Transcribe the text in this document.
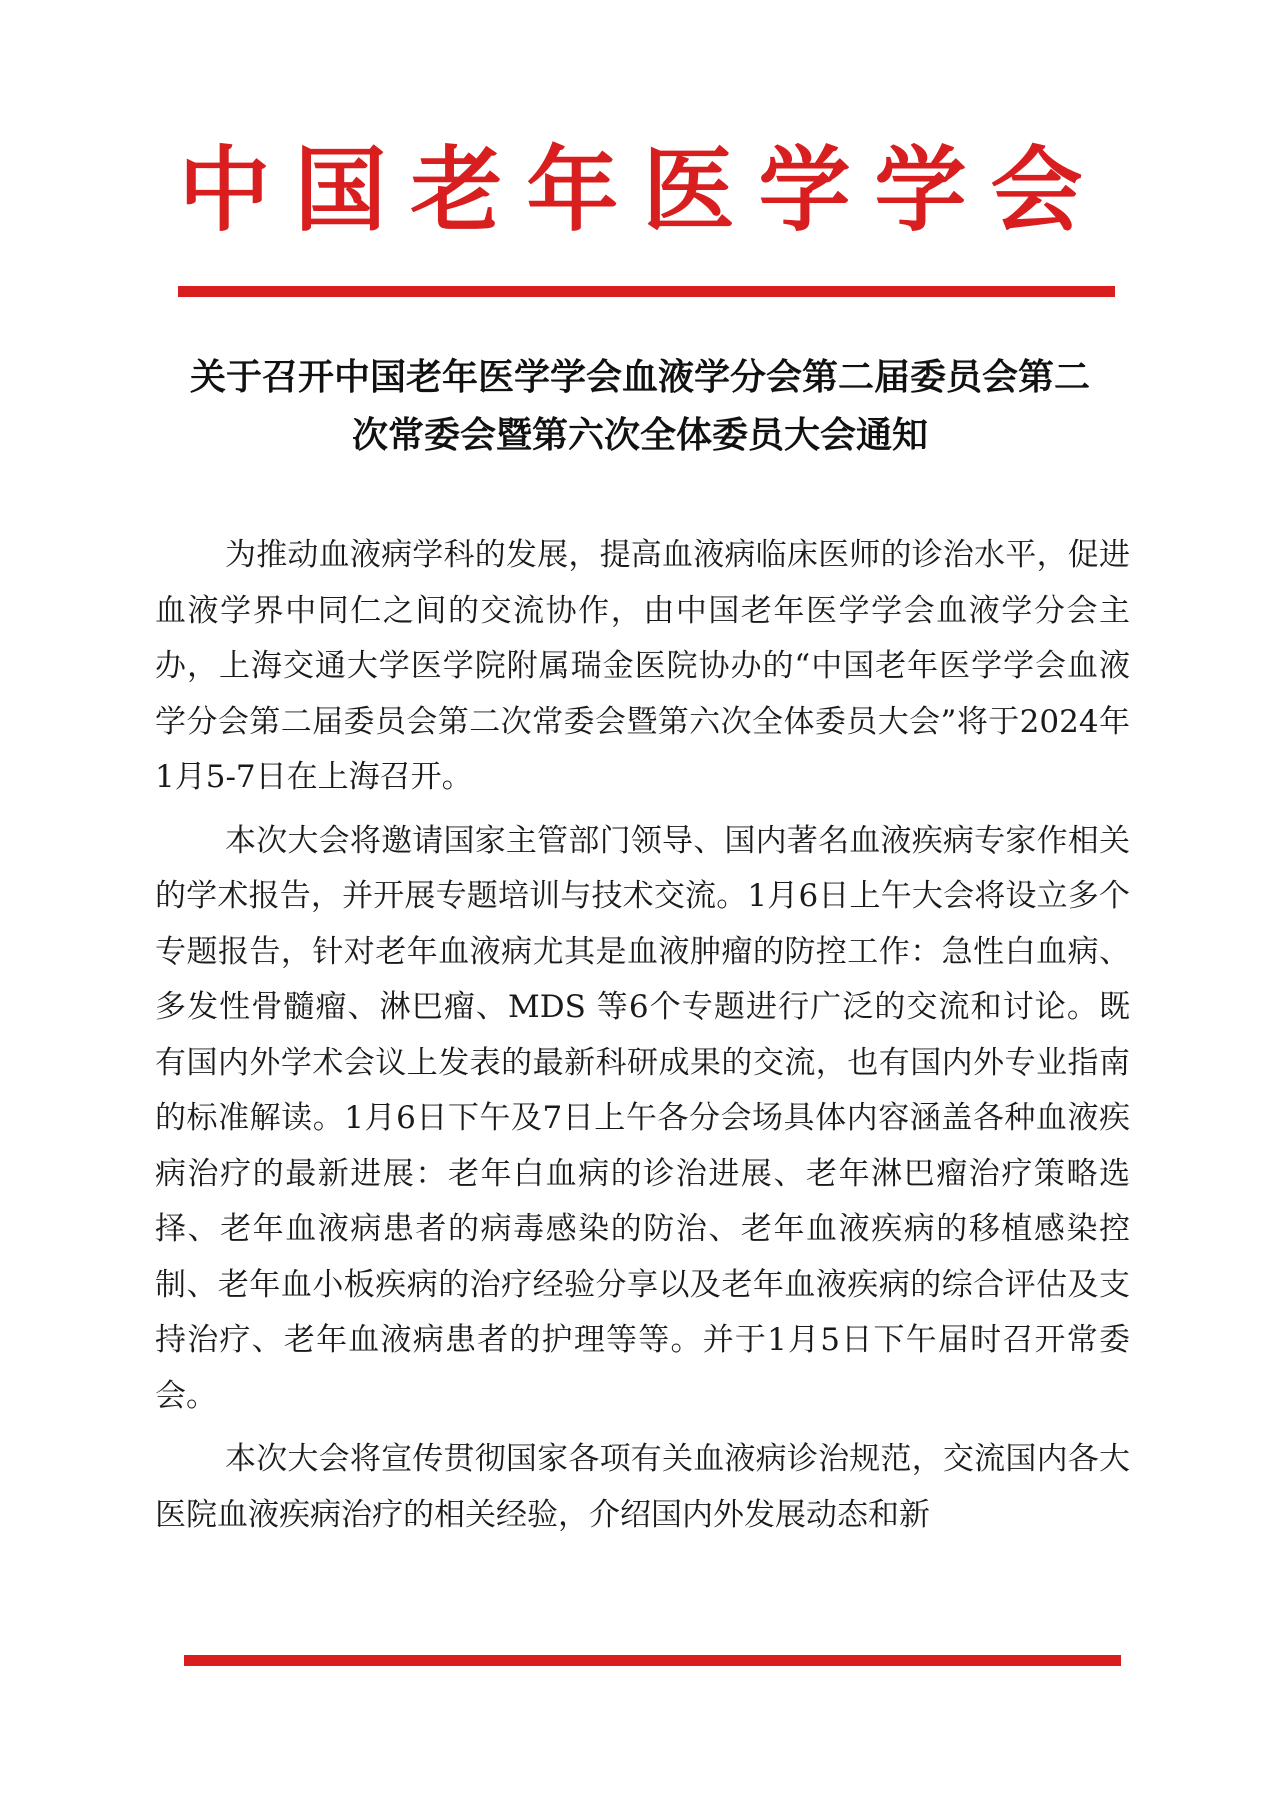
中国老年医学学会
关于召开中国老年医学学会血液学分会第二届委员会第二
次常委会暨第六次全体委员大会通知

为推动血液病学科的发展，提高血液病临床医师的诊治水平，促进血液学界中同仁之间的交流协作，由中国老年医学学会血液学分会主办，上海交通大学医学院附属瑞金医院协办的“中国老年医学学会血液学分会第二届委员会第二次常委会暨第六次全体委员大会”将于2024年1月5-7日在上海召开。

本次大会将邀请国家主管部门领导、国内著名血液疾病专家作相关的学术报告，并开展专题培训与技术交流。1月6日上午大会将设立多个专题报告，针对老年血液病尤其是血液肿瘤的防控工作：急性白血病、多发性骨髓瘤、淋巴瘤、MDS 等6个专题进行广泛的交流和讨论。既有国内外学术会议上发表的最新科研成果的交流，也有国内外专业指南的标准解读。1月6日下午及7日上午各分会场具体内容涵盖各种血液疾病治疗的最新进展：老年白血病的诊治进展、老年淋巴瘤治疗策略选择、老年血液病患者的病毒感染的防治、老年血液疾病的移植感染控制、老年血小板疾病的治疗经验分享以及老年血液疾病的综合评估及支持治疗、老年血液病患者的护理等等。并于1月5日下午届时召开常委会。

本次大会将宣传贯彻国家各项有关血液病诊治规范，交流国内各大医院血液疾病治疗的相关经验，介绍国内外发展动态和新
